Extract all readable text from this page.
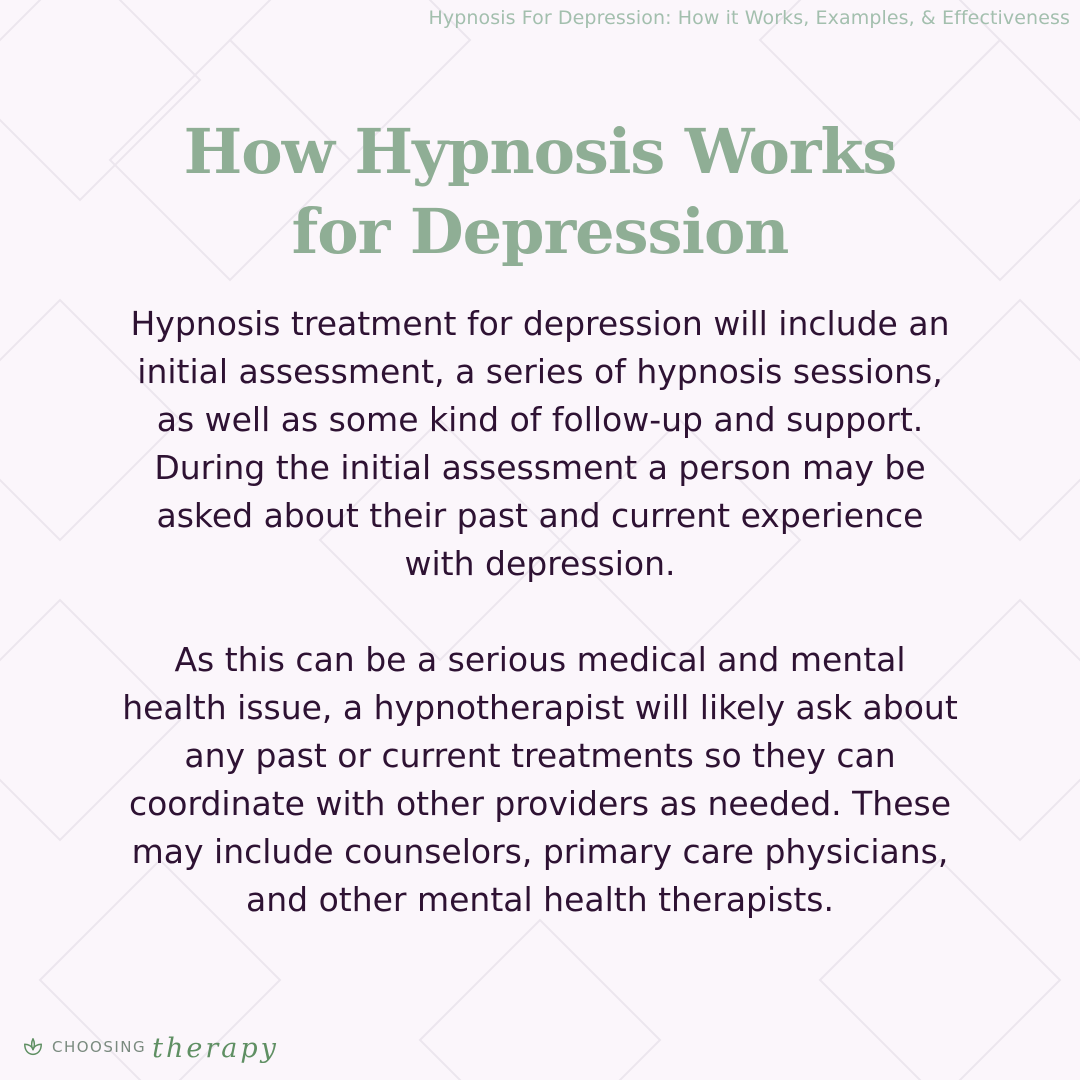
Hypnosis For Depression: How it Works, Examples, & Effectiveness
How Hypnosis Works
for Depression

Hypnosis treatment for depression will include an
initial assessment, a series of hypnosis sessions,
as well as some kind of follow-up and support.
During the initial assessment a person may be
asked about their past and current experience
with depression.

As this can be a serious medical and mental
health issue, a hypnotherapist will likely ask about
any past or current treatments so they can
coordinate with other providers as needed. These
may include counselors, primary care physicians,
and other mental health therapists.

CHOOSING therapy
